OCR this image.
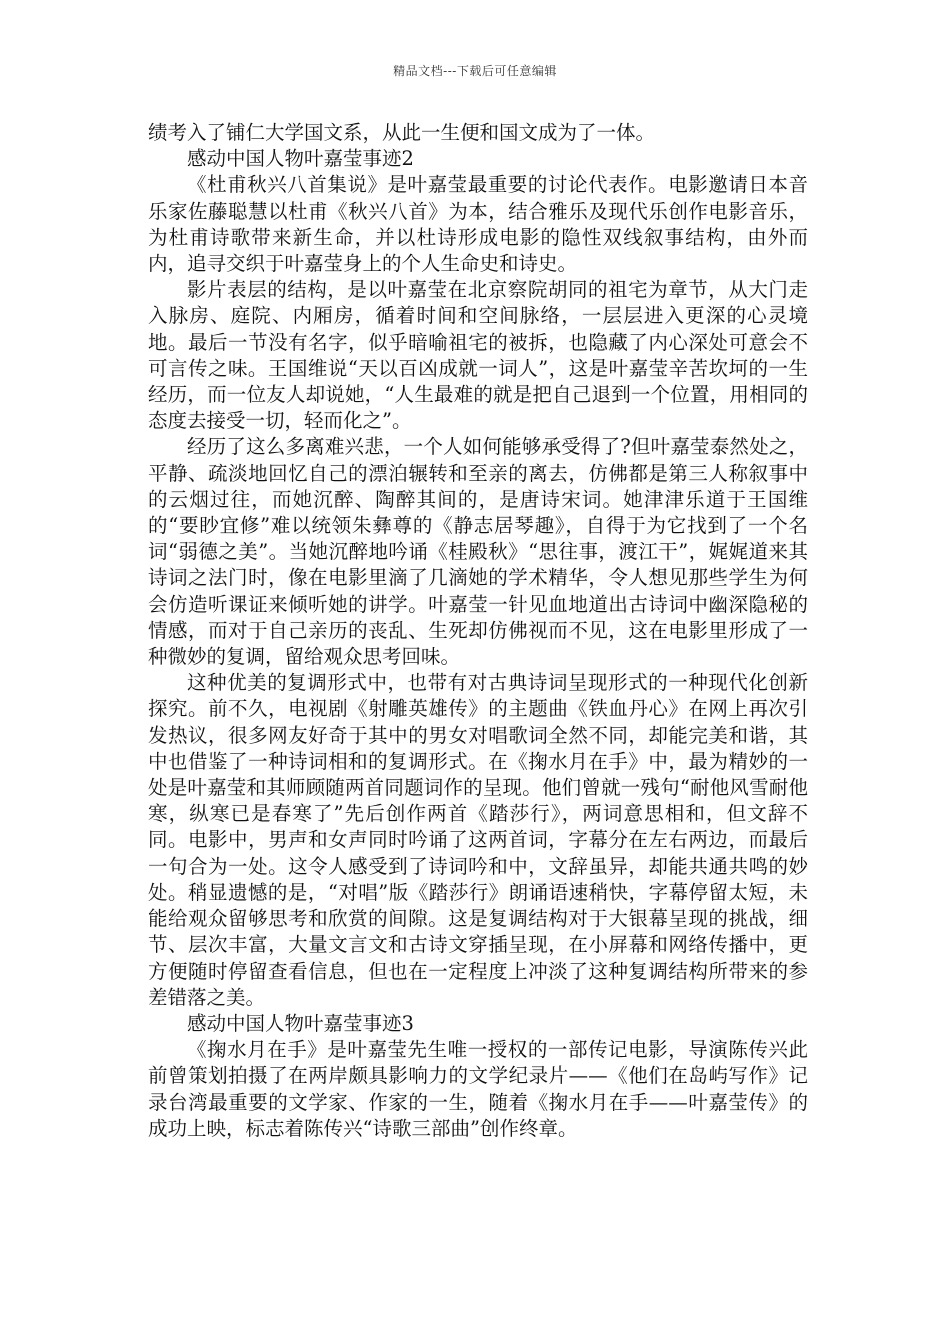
精品文档---下载后可任意编辑

绩考入了铺仁大学国文系，从此一生便和国文成为了一体。

感动中国人物叶嘉莹事迹2

《杜甫秋兴八首集说》是叶嘉莹最重要的讨论代表作。电影邀请日本音乐家佐藤聪慧以杜甫《秋兴八首》为本，结合雅乐及现代乐创作电影音乐，为杜甫诗歌带来新生命，并以杜诗形成电影的隐性双线叙事结构，由外而内，追寻交织于叶嘉莹身上的个人生命史和诗史。

影片表层的结构，是以叶嘉莹在北京察院胡同的祖宅为章节，从大门走入脉房、庭院、内厢房，循着时间和空间脉络，一层层进入更深的心灵境地。最后一节没有名字，似乎暗喻祖宅的被拆，也隐藏了内心深处可意会不可言传之味。王国维说“天以百凶成就一词人”，这是叶嘉莹辛苦坎坷的一生经历，而一位友人却说她，“人生最难的就是把自己退到一个位置，用相同的态度去接受一切，轻而化之”。

经历了这么多离难兴悲，一个人如何能够承受得了?但叶嘉莹泰然处之，平静、疏淡地回忆自己的漂泊辗转和至亲的离去，仿佛都是第三人称叙事中的云烟过往，而她沉醉、陶醉其间的，是唐诗宋词。她津津乐道于王国维的“要眇宜修”难以统领朱彝尊的《静志居琴趣》，自得于为它找到了一个名词“弱德之美”。当她沉醉地吟诵《桂殿秋》“思往事，渡江干”，娓娓道来其诗词之法门时，像在电影里滴了几滴她的学术精华，令人想见那些学生为何会仿造听课证来倾听她的讲学。叶嘉莹一针见血地道出古诗词中幽深隐秘的情感，而对于自己亲历的丧乱、生死却仿佛视而不见，这在电影里形成了一种微妙的复调，留给观众思考回味。

这种优美的复调形式中，也带有对古典诗词呈现形式的一种现代化创新探究。前不久，电视剧《射雕英雄传》的主题曲《铁血丹心》在网上再次引发热议，很多网友好奇于其中的男女对唱歌词全然不同，却能完美和谐，其中也借鉴了一种诗词相和的复调形式。在《掬水月在手》中，最为精妙的一处是叶嘉莹和其师顾随两首同题词作的呈现。他们曾就一残句“耐他风雪耐他寒，纵寒已是春寒了”先后创作两首《踏莎行》，两词意思相和，但文辞不同。电影中，男声和女声同时吟诵了这两首词，字幕分在左右两边，而最后一句合为一处。这令人感受到了诗词吟和中，文辞虽异，却能共通共鸣的妙处。稍显遗憾的是，“对唱”版《踏莎行》朗诵语速稍快，字幕停留太短，未能给观众留够思考和欣赏的间隙。这是复调结构对于大银幕呈现的挑战，细节、层次丰富，大量文言文和古诗文穿插呈现，在小屏幕和网络传播中，更方便随时停留查看信息，但也在一定程度上冲淡了这种复调结构所带来的参差错落之美。

感动中国人物叶嘉莹事迹3

《掬水月在手》是叶嘉莹先生唯一授权的一部传记电影，导演陈传兴此前曾策划拍摄了在两岸颇具影响力的文学纪录片——《他们在岛屿写作》记录台湾最重要的文学家、作家的一生，随着《掬水月在手——叶嘉莹传》的成功上映，标志着陈传兴“诗歌三部曲”创作终章。
